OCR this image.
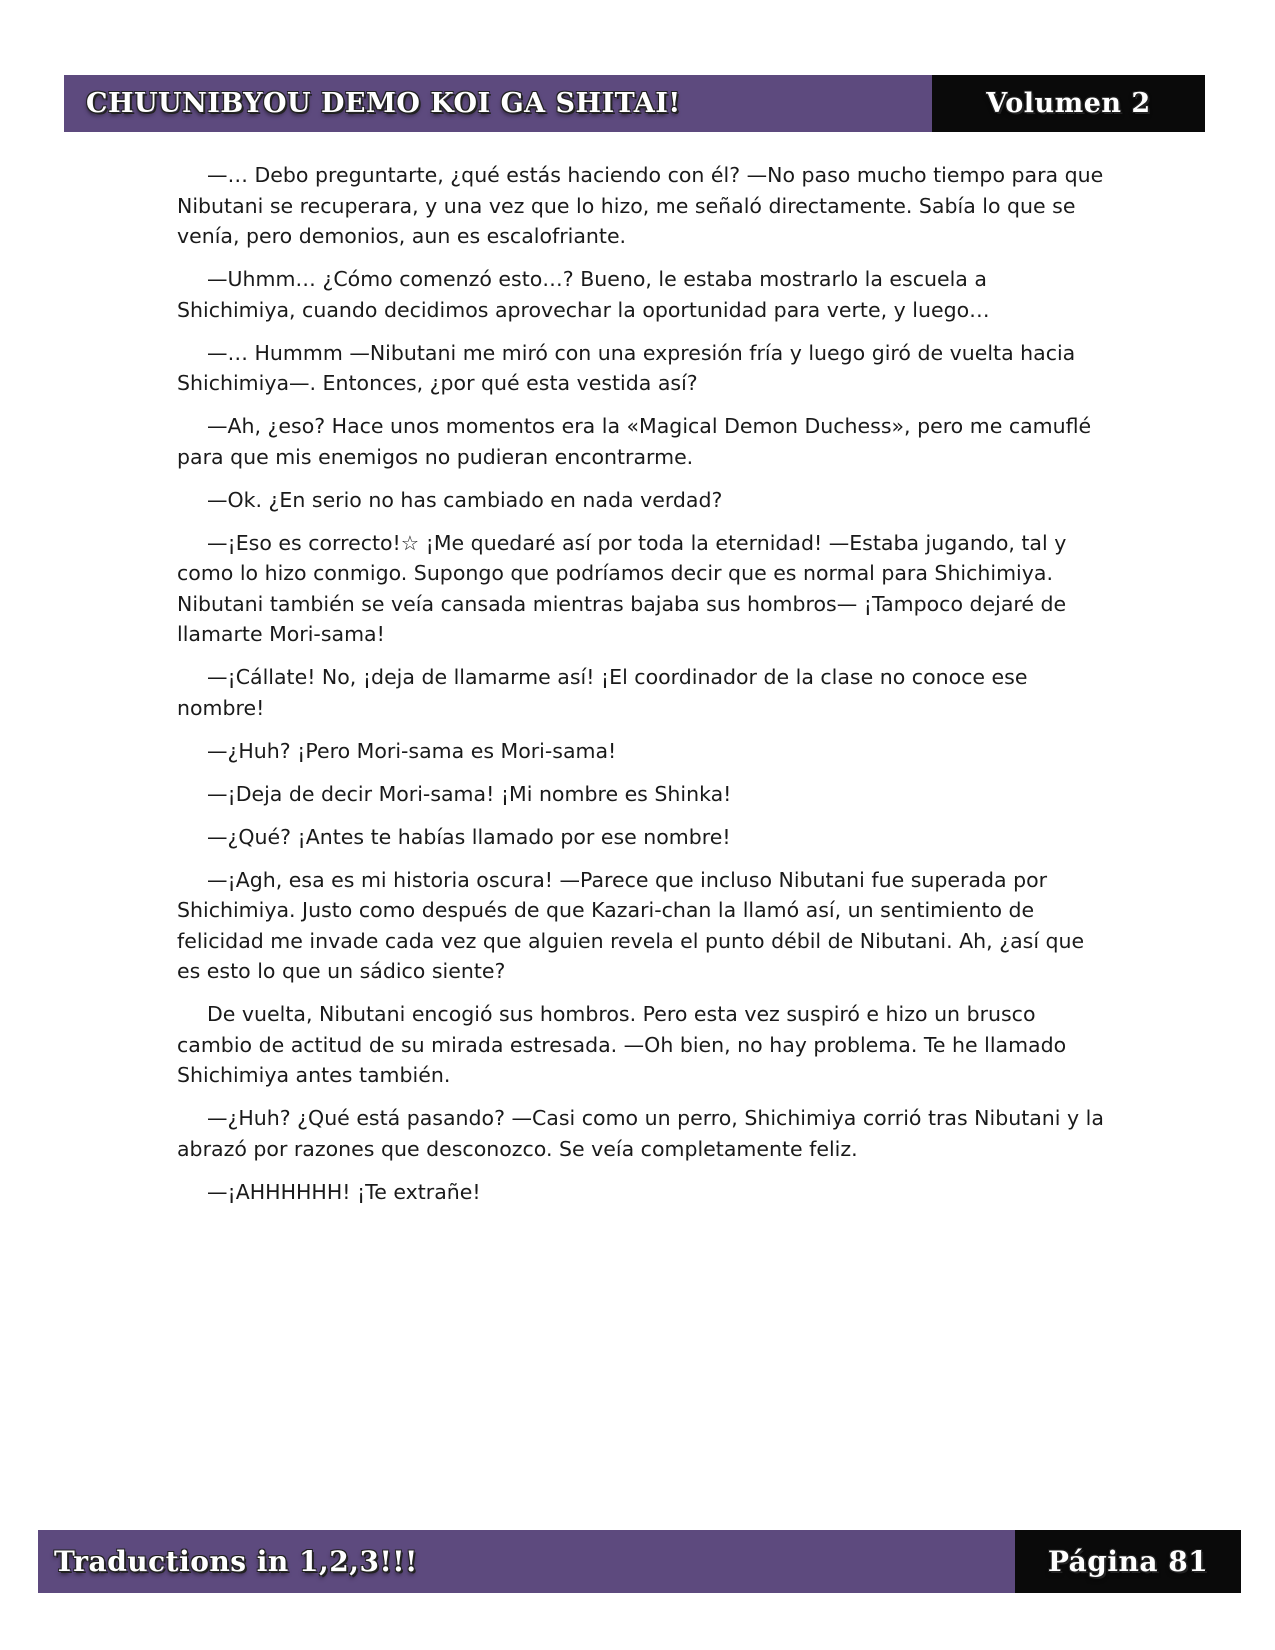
CHUUNIBYOU DEMO KOI GA SHITAI!	Volumen 2

—… Debo preguntarte, ¿qué estás haciendo con él? —No paso mucho tiempo para que Nibutani se recuperara, y una vez que lo hizo, me señaló directamente. Sabía lo que se venía, pero demonios, aun es escalofriante.

—Uhmm… ¿Cómo comenzó esto…? Bueno, le estaba mostrarlo la escuela a Shichimiya, cuando decidimos aprovechar la oportunidad para verte, y luego…

—… Hummm —Nibutani me miró con una expresión fría y luego giró de vuelta hacia Shichimiya—. Entonces, ¿por qué esta vestida así?

—Ah, ¿eso? Hace unos momentos era la «Magical Demon Duchess», pero me camuflé para que mis enemigos no pudieran encontrarme.

—Ok. ¿En serio no has cambiado en nada verdad?

—¡Eso es correcto!☆ ¡Me quedaré así por toda la eternidad! —Estaba jugando, tal y como lo hizo conmigo. Supongo que podríamos decir que es normal para Shichimiya. Nibutani también se veía cansada mientras bajaba sus hombros— ¡Tampoco dejaré de llamarte Mori-sama!

—¡Cállate! No, ¡deja de llamarme así! ¡El coordinador de la clase no conoce ese nombre!

—¿Huh? ¡Pero Mori-sama es Mori-sama!

—¡Deja de decir Mori-sama! ¡Mi nombre es Shinka!

—¿Qué? ¡Antes te habías llamado por ese nombre!

—¡Agh, esa es mi historia oscura! —Parece que incluso Nibutani fue superada por Shichimiya. Justo como después de que Kazari-chan la llamó así, un sentimiento de felicidad me invade cada vez que alguien revela el punto débil de Nibutani. Ah, ¿así que es esto lo que un sádico siente?

De vuelta, Nibutani encogió sus hombros. Pero esta vez suspiró e hizo un brusco cambio de actitud de su mirada estresada. —Oh bien, no hay problema. Te he llamado Shichimiya antes también.

—¿Huh? ¿Qué está pasando? —Casi como un perro, Shichimiya corrió tras Nibutani y la abrazó por razones que desconozco. Se veía completamente feliz.

—¡AHHHHHH! ¡Te extrañe!

Traductions in 1,2,3!!!	Página 81
